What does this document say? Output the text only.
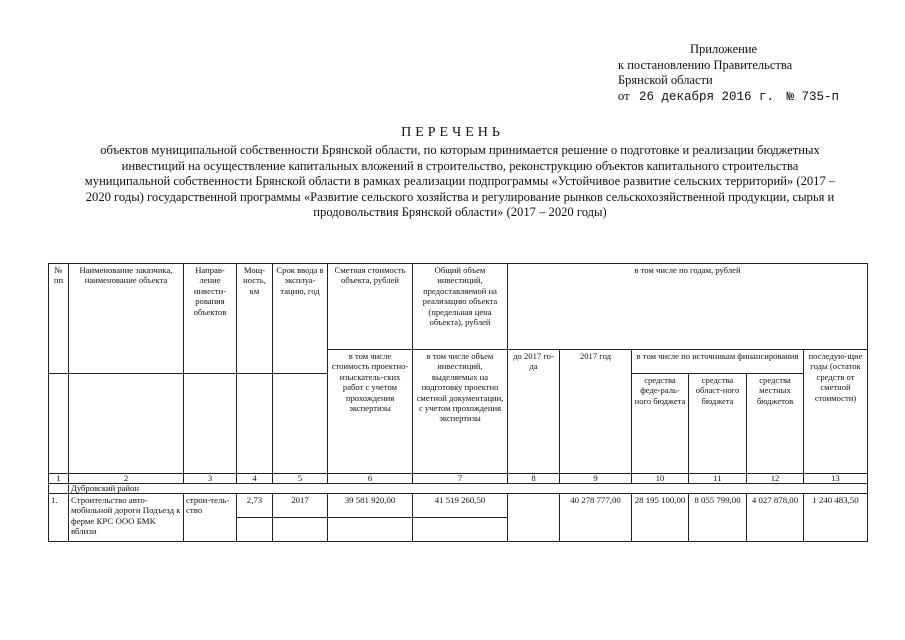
Приложение
к постановлению Правительства
Брянской области
от 26 декабря 2016 г. № 735-п
ПЕРЕЧЕНЬ
объектов муниципальной собственности Брянской области, по которым принимается решение о подготовке и реализации бюджетных инвестиций на осуществление капитальных вложений в строительство, реконструкцию объектов капитального строительства муниципальной собственности Брянской области в рамках реализации подпрограммы «Устойчивое развитие сельских территорий» (2017 – 2020 годы) государственной программы «Развитие сельского хозяйства и регулирование рынков сельскохозяйственной продукции, сырья и продовольствия Брянской области» (2017 – 2020 годы)
№ пп	Наименование заказчика, наименование объекта	Направ-ление инвести-рования объектов	Мощ-ность, км	Срок ввода в эксплуа-тацию, год	Сметная стоимость объекта, рублей	Общий объем инвестиций, предоставляемой на реализацию объекта (предельная цена объекта), рублей	в том числе по годам, рублей					
					в том числе стоимость проектно-изыскатель-ских работ с учетом прохождения экспертизы	в том числе объем инвестиций, выделяемых на подготовку проектно сметной документации, с учетом прохождения экспертизы	до 2017 го-да	2017 год	в том числе по источникам финансирования			последую-щие годы (остаток средств от сметной стоимости)
									средства феде-раль-ного бюджета	средства област-ного бюджета	средства местных бюджетов	
1	2	3	4	5	6	7	8	9	10	11	12	13
	Дубровский район											
1.	Строительство авто-мобильной дороги Подъезд к ферме КРС ООО БМК вблизи	строи-тель-ство	2,73	2017	39 581 920,00	41 519 260,50		40 278 777,00	28 195 100,00	8 055 799,00	4 027 878,00	1 240 483,50
